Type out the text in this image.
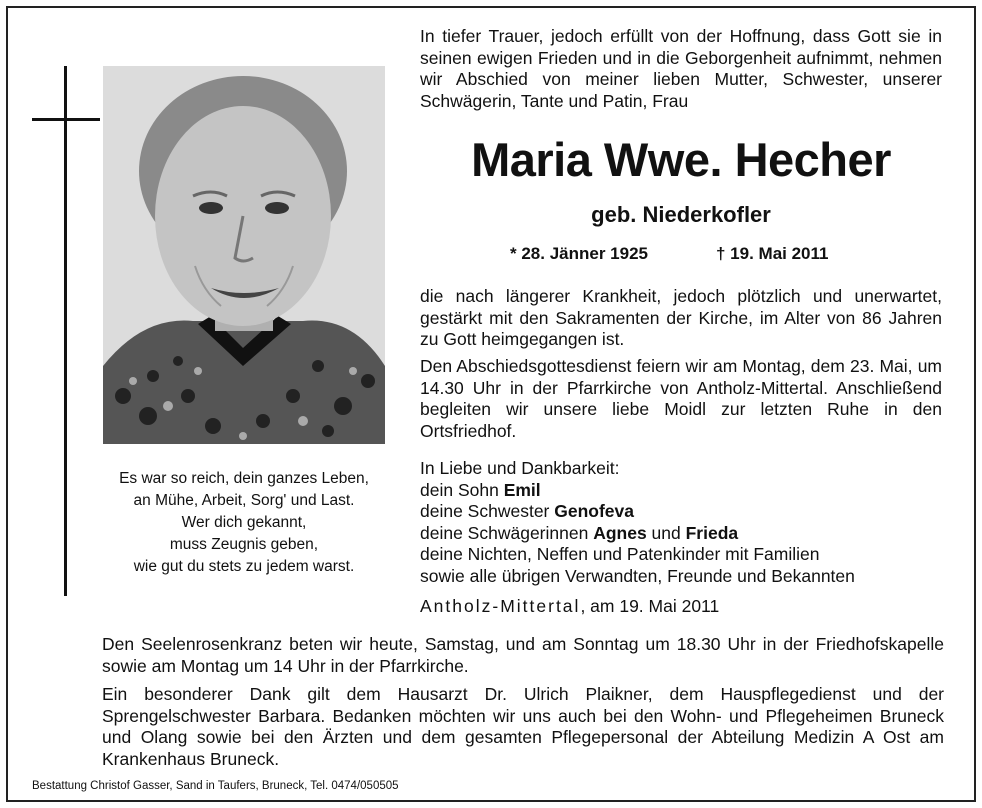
Es war so reich, dein ganzes Leben,
an Mühe, Arbeit, Sorg' und Last.
Wer dich gekannt,
muss Zeugnis geben,
wie gut du stets zu jedem warst.
In tiefer Trauer, jedoch erfüllt von der Hoffnung, dass Gott sie in seinen ewigen Frieden und in die Geborgenheit aufnimmt, nehmen wir Abschied von meiner lieben Mutter, Schwester, unserer Schwägerin, Tante und Patin, Frau
Maria Wwe. Hecher
geb. Niederkofler
* 28. Jänner 1925	† 19. Mai 2011
die nach längerer Krankheit, jedoch plötzlich und unerwartet, gestärkt mit den Sakramenten der Kirche, im Alter von 86 Jahren zu Gott heimgegangen ist.
Den Abschiedsgottesdienst feiern wir am Montag, dem 23. Mai, um 14.30 Uhr in der Pfarrkirche von Antholz-Mittertal. Anschließend begleiten wir unsere liebe Moidl zur letzten Ruhe in den Ortsfriedhof.
In Liebe und Dankbarkeit:
dein Sohn Emil
deine Schwester Genofeva
deine Schwägerinnen Agnes und Frieda
deine Nichten, Neffen und Patenkinder mit Familien
sowie alle übrigen Verwandten, Freunde und Bekannten
Antholz-Mittertal, am 19. Mai 2011
Den Seelenrosenkranz beten wir heute, Samstag, und am Sonntag um 18.30 Uhr in der Friedhofskapelle sowie am Montag um 14 Uhr in der Pfarrkirche.
Ein besonderer Dank gilt dem Hausarzt Dr. Ulrich Plaikner, dem Hauspflegedienst und der Sprengelschwester Barbara. Bedanken möchten wir uns auch bei den Wohn- und Pflegeheimen Bruneck und Olang sowie bei den Ärzten und dem gesamten Pflegepersonal der Abteilung Medizin A Ost am Krankenhaus Bruneck.
Bestattung Christof Gasser, Sand in Taufers, Bruneck, Tel. 0474/050505
